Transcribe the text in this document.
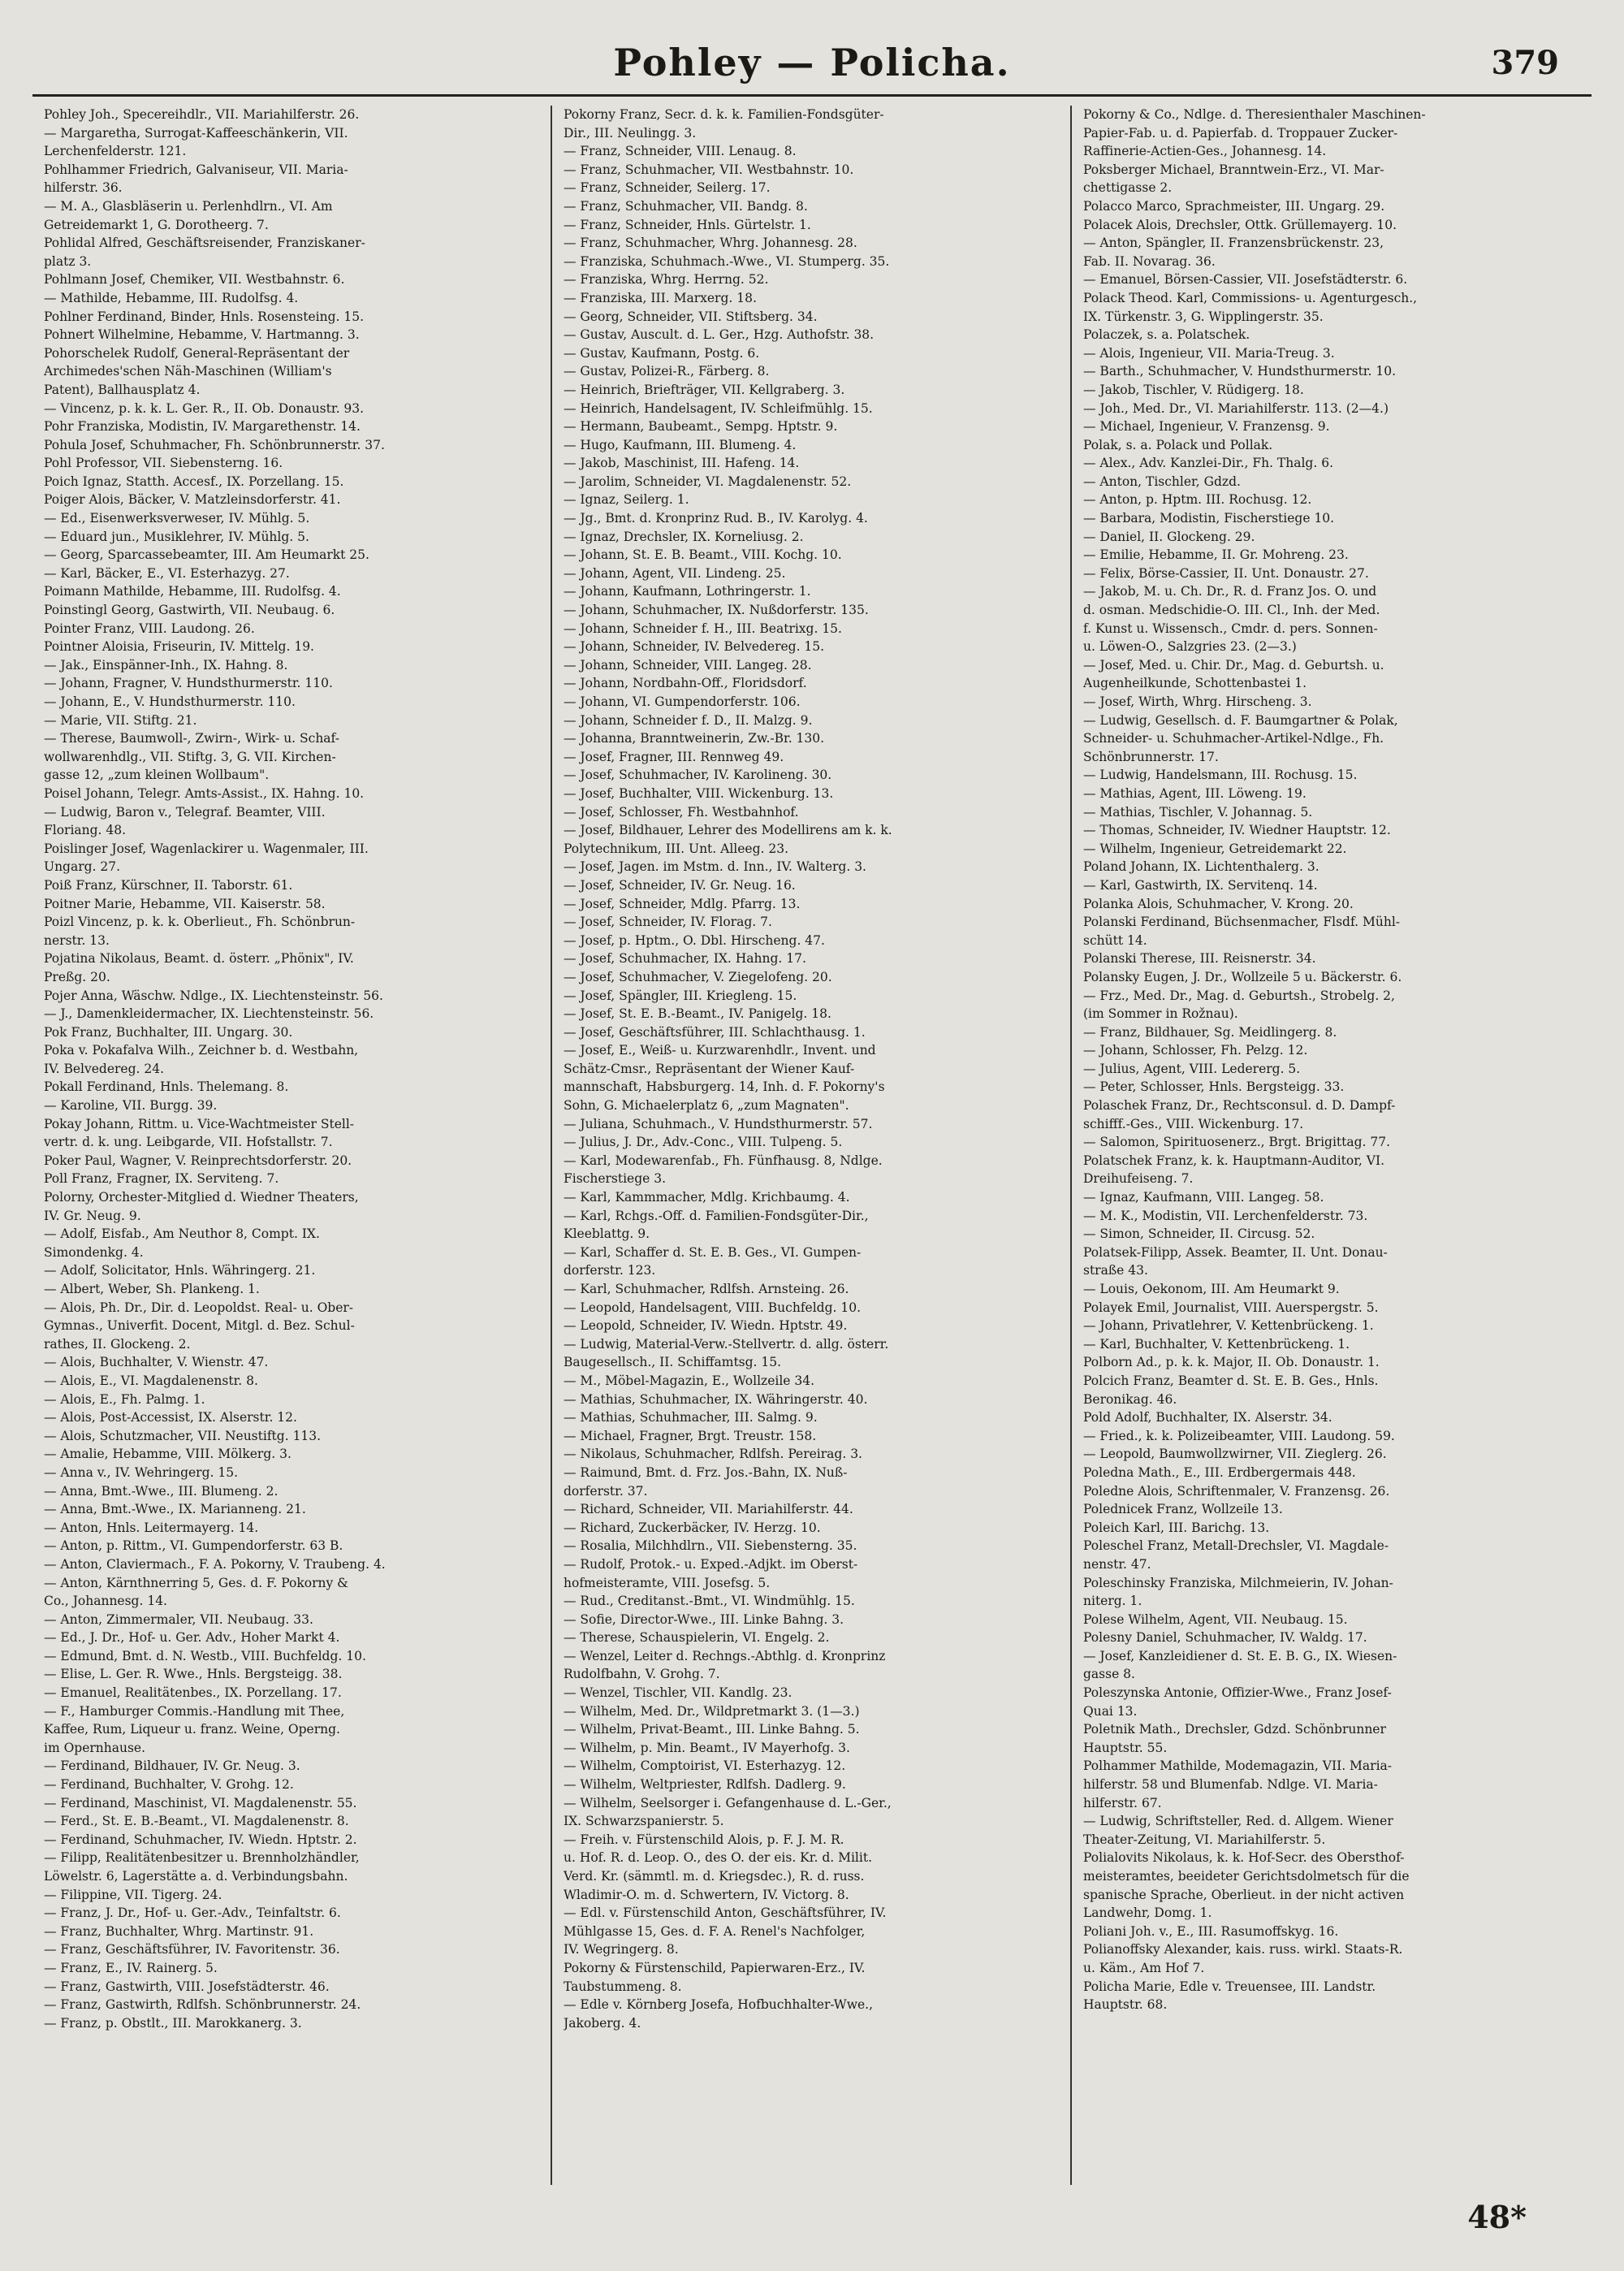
Pohley — Policha.	379
Pohley Joh., Specereihdlr., VII. Mariahilferstr. 26.
— Margaretha, Surrogat-Kaffeeschänkerin, VII.
Lerchenfelderstr. 121.
Pohlhammer Friedrich, Galvaniseur, VII. Maria-
hilferstr. 36.
— M. A., Glasbläserin u. Perlenhdlrn., VI. Am
Getreidemarkt 1, G. Dorotheerg. 7.
Pohlidal Alfred, Geschäftsreisender, Franziskaner-
platz 3.
Pohlmann Josef, Chemiker, VII. Westbahnstr. 6.
— Mathilde, Hebamme, III. Rudolfsg. 4.
Pohlner Ferdinand, Binder, Hnls. Rosensteing. 15.
Pohnert Wilhelmine, Hebamme, V. Hartmanng. 3.
Pohorschelek Rudolf, General-Repräsentant der
Archimedes'schen Näh-Maschinen (William's
Patent), Ballhausplatz 4.
— Vincenz, p. k. k. L. Ger. R., II. Ob. Donaustr. 93.
Pohr Franziska, Modistin, IV. Margarethenstr. 14.
Pohula Josef, Schuhmacher, Fh. Schönbrunnerstr. 37.
Pohl Professor, VII. Siebensterng. 16.
Poich Ignaz, Statth. Accesf., IX. Porzellang. 15.
Poiger Alois, Bäcker, V. Matzleinsdorferstr. 41.
— Ed., Eisenwerksverweser, IV. Mühlg. 5.
— Eduard jun., Musiklehrer, IV. Mühlg. 5.
— Georg, Sparcassebeamter, III. Am Heumarkt 25.
— Karl, Bäcker, E., VI. Esterhazyg. 27.
Poimann Mathilde, Hebamme, III. Rudolfsg. 4.
Poinstingl Georg, Gastwirth, VII. Neubaug. 6.
Pointer Franz, VIII. Laudong. 26.
Pointner Aloisia, Friseurin, IV. Mittelg. 19.
— Jak., Einspänner-Inh., IX. Hahng. 8.
— Johann, Fragner, V. Hundsthurmerstr. 110.
— Johann, E., V. Hundsthurmerstr. 110.
— Marie, VII. Stiftg. 21.
— Therese, Baumwoll-, Zwirn-, Wirk- u. Schaf-
wollwarenhdlg., VII. Stiftg. 3, G. VII. Kirchen-
gasse 12, „zum kleinen Wollbaum".
Poisel Johann, Telegr. Amts-Assist., IX. Hahng. 10.
— Ludwig, Baron v., Telegraf. Beamter, VIII.
Floriang. 48.
Poislinger Josef, Wagenlackirer u. Wagenmaler, III.
Ungarg. 27.
Poiß Franz, Kürschner, II. Taborstr. 61.
Poitner Marie, Hebamme, VII. Kaiserstr. 58.
Poizl Vincenz, p. k. k. Oberlieut., Fh. Schönbrun-
nerstr. 13.
Pojatina Nikolaus, Beamt. d. österr. „Phönix", IV.
Preßg. 20.
Pojer Anna, Wäschw. Ndlge., IX. Liechtensteinstr. 56.
— J., Damenkleidermacher, IX. Liechtensteinstr. 56.
Pok Franz, Buchhalter, III. Ungarg. 30.
Poka v. Pokafalva Wilh., Zeichner b. d. Westbahn,
IV. Belvedereg. 24.
Pokall Ferdinand, Hnls. Thelemang. 8.
— Karoline, VII. Burgg. 39.
Pokay Johann, Rittm. u. Vice-Wachtmeister Stell-
vertr. d. k. ung. Leibgarde, VII. Hofstallstr. 7.
Poker Paul, Wagner, V. Reinprechtsdorferstr. 20.
Poll Franz, Fragner, IX. Serviteng. 7.
Polorny, Orchester-Mitglied d. Wiedner Theaters,
IV. Gr. Neug. 9.
— Adolf, Eisfab., Am Neuthor 8, Compt. IX.
Simondenkg. 4.
— Adolf, Solicitator, Hnls. Währingerg. 21.
— Albert, Weber, Sh. Plankeng. 1.
— Alois, Ph. Dr., Dir. d. Leopoldst. Real- u. Ober-
Gymnas., Univerfit. Docent, Mitgl. d. Bez. Schul-
rathes, II. Glockeng. 2.
— Alois, Buchhalter, V. Wienstr. 47.
— Alois, E., VI. Magdalenenstr. 8.
— Alois, E., Fh. Palmg. 1.
— Alois, Post-Accessist, IX. Alserstr. 12.
— Alois, Schutzmacher, VII. Neustiftg. 113.
— Amalie, Hebamme, VIII. Mölkerg. 3.
— Anna v., IV. Wehringerg. 15.
— Anna, Bmt.-Wwe., III. Blumeng. 2.
— Anna, Bmt.-Wwe., IX. Marianneng. 21.
— Anton, Hnls. Leitermayerg. 14.
— Anton, p. Rittm., VI. Gumpendorferstr. 63 B.
— Anton, Claviermach., F. A. Pokorny, V. Traubeng. 4.
— Anton, Kärnthnerring 5, Ges. d. F. Pokorny &
Co., Johannesg. 14.
— Anton, Zimmermaler, VII. Neubaug. 33.
— Ed., J. Dr., Hof- u. Ger. Adv., Hoher Markt 4.
— Edmund, Bmt. d. N. Westb., VIII. Buchfeldg. 10.
— Elise, L. Ger. R. Wwe., Hnls. Bergsteigg. 38.
— Emanuel, Realitätenbes., IX. Porzellang. 17.
— F., Hamburger Commis.-Handlung mit Thee,
Kaffee, Rum, Liqueur u. franz. Weine, Operng.
im Opernhause.
— Ferdinand, Bildhauer, IV. Gr. Neug. 3.
— Ferdinand, Buchhalter, V. Grohg. 12.
— Ferdinand, Maschinist, VI. Magdalenenstr. 55.
— Ferd., St. E. B.-Beamt., VI. Magdalenenstr. 8.
— Ferdinand, Schuhmacher, IV. Wiedn. Hptstr. 2.
— Filipp, Realitätenbesitzer u. Brennholzhändler,
Löwelstr. 6, Lagerstätte a. d. Verbindungsbahn.
— Filippine, VII. Tigerg. 24.
— Franz, J. Dr., Hof- u. Ger.-Adv., Teinfaltstr. 6.
— Franz, Buchhalter, Whrg. Martinstr. 91.
— Franz, Geschäftsführer, IV. Favoritenstr. 36.
— Franz, E., IV. Rainerg. 5.
— Franz, Gastwirth, VIII. Josefstädterstr. 46.
— Franz, Gastwirth, Rdlfsh. Schönbrunnerstr. 24.
— Franz, p. Obstlt., III. Marokkanerg. 3.
Pokorny Franz, Secr. d. k. k. Familien-Fondsgüter-
Dir., III. Neulingg. 3.
— Franz, Schneider, VIII. Lenaug. 8.
— Franz, Schuhmacher, VII. Westbahnstr. 10.
— Franz, Schneider, Seilerg. 17.
— Franz, Schuhmacher, VII. Bandg. 8.
— Franz, Schneider, Hnls. Gürtelstr. 1.
— Franz, Schuhmacher, Whrg. Johannesg. 28.
— Franziska, Schuhmach.-Wwe., VI. Stumperg. 35.
— Franziska, Whrg. Herrng. 52.
— Franziska, III. Marxerg. 18.
— Georg, Schneider, VII. Stiftsberg. 34.
— Gustav, Auscult. d. L. Ger., Hzg. Authofstr. 38.
— Gustav, Kaufmann, Postg. 6.
— Gustav, Polizei-R., Färberg. 8.
— Heinrich, Briefträger, VII. Kellgraberg. 3.
— Heinrich, Handelsagent, IV. Schleifmühlg. 15.
— Hermann, Baubeamt., Sempg. Hptstr. 9.
— Hugo, Kaufmann, III. Blumeng. 4.
— Jakob, Maschinist, III. Hafeng. 14.
— Jarolim, Schneider, VI. Magdalenenstr. 52.
— Ignaz, Seilerg. 1.
— Jg., Bmt. d. Kronprinz Rud. B., IV. Karolyg. 4.
— Ignaz, Drechsler, IX. Korneliusg. 2.
— Johann, St. E. B. Beamt., VIII. Kochg. 10.
— Johann, Agent, VII. Lindeng. 25.
— Johann, Kaufmann, Lothringerstr. 1.
— Johann, Schuhmacher, IX. Nußdorferstr. 135.
— Johann, Schneider f. H., III. Beatrixg. 15.
— Johann, Schneider, IV. Belvedereg. 15.
— Johann, Schneider, VIII. Langeg. 28.
— Johann, Nordbahn-Off., Floridsdorf.
— Johann, VI. Gumpendorferstr. 106.
— Johann, Schneider f. D., II. Malzg. 9.
— Johanna, Branntweinerin, Zw.-Br. 130.
— Josef, Fragner, III. Rennweg 49.
— Josef, Schuhmacher, IV. Karolineng. 30.
— Josef, Buchhalter, VIII. Wickenburg. 13.
— Josef, Schlosser, Fh. Westbahnhof.
— Josef, Bildhauer, Lehrer des Modellirens am k. k.
Polytechnikum, III. Unt. Alleeg. 23.
— Josef, Jagen. im Mstm. d. Inn., IV. Walterg. 3.
— Josef, Schneider, IV. Gr. Neug. 16.
— Josef, Schneider, Mdlg. Pfarrg. 13.
— Josef, Schneider, IV. Florag. 7.
— Josef, p. Hptm., O. Dbl. Hirscheng. 47.
— Josef, Schuhmacher, IX. Hahng. 17.
— Josef, Schuhmacher, V. Ziegelofeng. 20.
— Josef, Spängler, III. Kriegleng. 15.
— Josef, St. E. B.-Beamt., IV. Panigelg. 18.
— Josef, Geschäftsführer, III. Schlachthausg. 1.
— Josef, E., Weiß- u. Kurzwarenhdlr., Invent. und
Schätz-Cmsr., Repräsentant der Wiener Kauf-
mannschaft, Habsburgerg. 14, Inh. d. F. Pokorny's
Sohn, G. Michaelerplatz 6, „zum Magnaten".
— Juliana, Schuhmach., V. Hundsthurmerstr. 57.
— Julius, J. Dr., Adv.-Conc., VIII. Tulpeng. 5.
— Karl, Modewarenfab., Fh. Fünfhausg. 8, Ndlge.
Fischerstiege 3.
— Karl, Kammmacher, Mdlg. Krichbaumg. 4.
— Karl, Rchgs.-Off. d. Familien-Fondsgüter-Dir.,
Kleeblattg. 9.
— Karl, Schaffer d. St. E. B. Ges., VI. Gumpen-
dorferstr. 123.
— Karl, Schuhmacher, Rdlfsh. Arnsteing. 26.
— Leopold, Handelsagent, VIII. Buchfeldg. 10.
— Leopold, Schneider, IV. Wiedn. Hptstr. 49.
— Ludwig, Material-Verw.-Stellvertr. d. allg. österr.
Baugesellsch., II. Schiffamtsg. 15.
— M., Möbel-Magazin, E., Wollzeile 34.
— Mathias, Schuhmacher, IX. Währingerstr. 40.
— Mathias, Schuhmacher, III. Salmg. 9.
— Michael, Fragner, Brgt. Treustr. 158.
— Nikolaus, Schuhmacher, Rdlfsh. Pereirag. 3.
— Raimund, Bmt. d. Frz. Jos.-Bahn, IX. Nuß-
dorferstr. 37.
— Richard, Schneider, VII. Mariahilferstr. 44.
— Richard, Zuckerbäcker, IV. Herzg. 10.
— Rosalia, Milchhdlrn., VII. Siebensterng. 35.
— Rudolf, Protok.- u. Exped.-Adjkt. im Oberst-
hofmeisteramte, VIII. Josefsg. 5.
— Rud., Creditanst.-Bmt., VI. Windmühlg. 15.
— Sofie, Director-Wwe., III. Linke Bahng. 3.
— Therese, Schauspielerin, VI. Engelg. 2.
— Wenzel, Leiter d. Rechngs.-Abthlg. d. Kronprinz
Rudolfbahn, V. Grohg. 7.
— Wenzel, Tischler, VII. Kandlg. 23.
— Wilhelm, Med. Dr., Wildpretmarkt 3. (1—3.)
— Wilhelm, Privat-Beamt., III. Linke Bahng. 5.
— Wilhelm, p. Min. Beamt., IV Mayerhofg. 3.
— Wilhelm, Comptoirist, VI. Esterhazyg. 12.
— Wilhelm, Weltpriester, Rdlfsh. Dadlerg. 9.
— Wilhelm, Seelsorger i. Gefangenhause d. L.-Ger.,
IX. Schwarzspanierstr. 5.
— Freih. v. Fürstenschild Alois, p. F. J. M. R.
u. Hof. R. d. Leop. O., des O. der eis. Kr. d. Milit.
Verd. Kr. (sämmtl. m. d. Kriegsdec.), R. d. russ.
Wladimir-O. m. d. Schwertern, IV. Victorg. 8.
— Edl. v. Fürstenschild Anton, Geschäftsführer, IV.
Mühlgasse 15, Ges. d. F. A. Renel's Nachfolger,
IV. Wegringerg. 8.
Pokorny & Fürstenschild, Papierwaren-Erz., IV.
Taubstummeng. 8.
— Edle v. Körnberg Josefa, Hofbuchhalter-Wwe.,
Jakoberg. 4.
Pokorny & Co., Ndlge. d. Theresienthaler Maschinen-
Papier-Fab. u. d. Papierfab. d. Troppauer Zucker-
Raffinerie-Actien-Ges., Johannesg. 14.
Poksberger Michael, Branntwein-Erz., VI. Mar-
chettigasse 2.
Polacco Marco, Sprachmeister, III. Ungarg. 29.
Polacek Alois, Drechsler, Ottk. Grüllemayerg. 10.
— Anton, Spängler, II. Franzensbrückenstr. 23,
Fab. II. Novarag. 36.
— Emanuel, Börsen-Cassier, VII. Josefstädterstr. 6.
Polack Theod. Karl, Commissions- u. Agenturgesch.,
IX. Türkenstr. 3, G. Wipplingerstr. 35.
Polaczek, s. a. Polatschek.
— Alois, Ingenieur, VII. Maria-Treug. 3.
— Barth., Schuhmacher, V. Hundsthurmerstr. 10.
— Jakob, Tischler, V. Rüdigerg. 18.
— Joh., Med. Dr., VI. Mariahilferstr. 113. (2—4.)
— Michael, Ingenieur, V. Franzensg. 9.
Polak, s. a. Polack und Pollak.
— Alex., Adv. Kanzlei-Dir., Fh. Thalg. 6.
— Anton, Tischler, Gdzd.
— Anton, p. Hptm. III. Rochusg. 12.
— Barbara, Modistin, Fischerstiege 10.
— Daniel, II. Glockeng. 29.
— Emilie, Hebamme, II. Gr. Mohreng. 23.
— Felix, Börse-Cassier, II. Unt. Donaustr. 27.
— Jakob, M. u. Ch. Dr., R. d. Franz Jos. O. und
d. osman. Medschidie-O. III. Cl., Inh. der Med.
f. Kunst u. Wissensch., Cmdr. d. pers. Sonnen-
u. Löwen-O., Salzgries 23. (2—3.)
— Josef, Med. u. Chir. Dr., Mag. d. Geburtsh. u.
Augenheilkunde, Schottenbastei 1.
— Josef, Wirth, Whrg. Hirscheng. 3.
— Ludwig, Gesellsch. d. F. Baumgartner & Polak,
Schneider- u. Schuhmacher-Artikel-Ndlge., Fh.
Schönbrunnerstr. 17.
— Ludwig, Handelsmann, III. Rochusg. 15.
— Mathias, Agent, III. Löweng. 19.
— Mathias, Tischler, V. Johannag. 5.
— Thomas, Schneider, IV. Wiedner Hauptstr. 12.
— Wilhelm, Ingenieur, Getreidemarkt 22.
Poland Johann, IX. Lichtenthalerg. 3.
— Karl, Gastwirth, IX. Servitenq. 14.
Polanka Alois, Schuhmacher, V. Krong. 20.
Polanski Ferdinand, Büchsenmacher, Flsdf. Mühl-
schütt 14.
Polanski Therese, III. Reisnerstr. 34.
Polansky Eugen, J. Dr., Wollzeile 5 u. Bäckerstr. 6.
— Frz., Med. Dr., Mag. d. Geburtsh., Strobelg. 2,
(im Sommer in Rožnau).
— Franz, Bildhauer, Sg. Meidlingerg. 8.
— Johann, Schlosser, Fh. Pelzg. 12.
— Julius, Agent, VIII. Ledererg. 5.
— Peter, Schlosser, Hnls. Bergsteigg. 33.
Polaschek Franz, Dr., Rechtsconsul. d. D. Dampf-
schifff.-Ges., VIII. Wickenburg. 17.
— Salomon, Spirituosenerz., Brgt. Brigittag. 77.
Polatschek Franz, k. k. Hauptmann-Auditor, VI.
Dreihufeiseng. 7.
— Ignaz, Kaufmann, VIII. Langeg. 58.
— M. K., Modistin, VII. Lerchenfelderstr. 73.
— Simon, Schneider, II. Circusg. 52.
Polatsek-Filipp, Assek. Beamter, II. Unt. Donau-
straße 43.
— Louis, Oekonom, III. Am Heumarkt 9.
Polayek Emil, Journalist, VIII. Auerspergstr. 5.
— Johann, Privatlehrer, V. Kettenbrückeng. 1.
— Karl, Buchhalter, V. Kettenbrückeng. 1.
Polborn Ad., p. k. k. Major, II. Ob. Donaustr. 1.
Polcich Franz, Beamter d. St. E. B. Ges., Hnls.
Beronikag. 46.
Pold Adolf, Buchhalter, IX. Alserstr. 34.
— Fried., k. k. Polizeibeamter, VIII. Laudong. 59.
— Leopold, Baumwollzwirner, VII. Zieglerg. 26.
Poledna Math., E., III. Erdbergermais 448.
Poledne Alois, Schriftenmaler, V. Franzensg. 26.
Polednicek Franz, Wollzeile 13.
Poleich Karl, III. Barichg. 13.
Poleschel Franz, Metall-Drechsler, VI. Magdale-
nenstr. 47.
Poleschinsky Franziska, Milchmeierin, IV. Johan-
niterg. 1.
Polese Wilhelm, Agent, VII. Neubaug. 15.
Polesny Daniel, Schuhmacher, IV. Waldg. 17.
— Josef, Kanzleidiener d. St. E. B. G., IX. Wiesen-
gasse 8.
Poleszynska Antonie, Offizier-Wwe., Franz Josef-
Quai 13.
Poletnik Math., Drechsler, Gdzd. Schönbrunner
Hauptstr. 55.
Polhammer Mathilde, Modemagazin, VII. Maria-
hilferstr. 58 und Blumenfab. Ndlge. VI. Maria-
hilferstr. 67.
— Ludwig, Schriftsteller, Red. d. Allgem. Wiener
Theater-Zeitung, VI. Mariahilferstr. 5.
Polialovits Nikolaus, k. k. Hof-Secr. des Obersthof-
meisteramtes, beeideter Gerichtsdolmetsch für die
spanische Sprache, Oberlieut. in der nicht activen
Landwehr, Domg. 1.
Poliani Joh. v., E., III. Rasumoffskyg. 16.
Polianoffsky Alexander, kais. russ. wirkl. Staats-R.
u. Käm., Am Hof 7.
Policha Marie, Edle v. Treuensee, III. Landstr.
Hauptstr. 68.
48*
